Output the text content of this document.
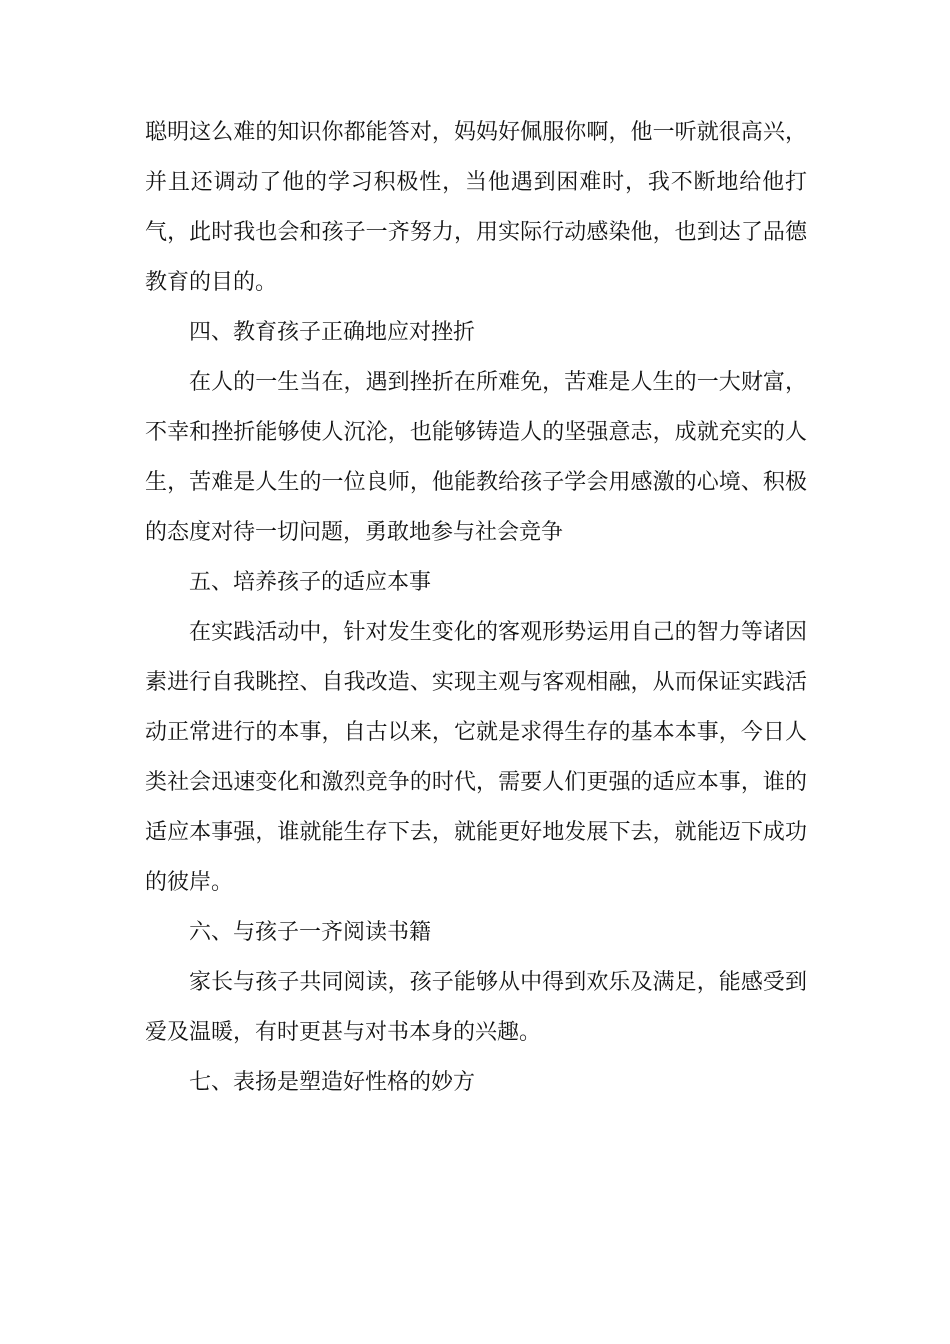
聪明这么难的知识你都能答对，妈妈好佩服你啊，他一听就很高兴，并且还调动了他的学习积极性，当他遇到困难时，我不断地给他打气，此时我也会和孩子一齐努力，用实际行动感染他，也到达了品德教育的目的。

四、教育孩子正确地应对挫折

在人的一生当在，遇到挫折在所难免，苦难是人生的一大财富，不幸和挫折能够使人沉沦，也能够铸造人的坚强意志，成就充实的人生，苦难是人生的一位良师，他能教给孩子学会用感激的心境、积极的态度对待一切问题，勇敢地参与社会竞争

五、培养孩子的适应本事

在实践活动中，针对发生变化的客观形势运用自己的智力等诸因素进行自我眺控、自我改造、实现主观与客观相融，从而保证实践活动正常进行的本事，自古以来，它就是求得生存的基本本事，今日人类社会迅速变化和激烈竞争的时代，需要人们更强的适应本事，谁的适应本事强，谁就能生存下去，就能更好地发展下去，就能迈下成功的彼岸。

六、与孩子一齐阅读书籍

家长与孩子共同阅读，孩子能够从中得到欢乐及满足，能感受到爱及温暖，有时更甚与对书本身的兴趣。

七、表扬是塑造好性格的妙方
